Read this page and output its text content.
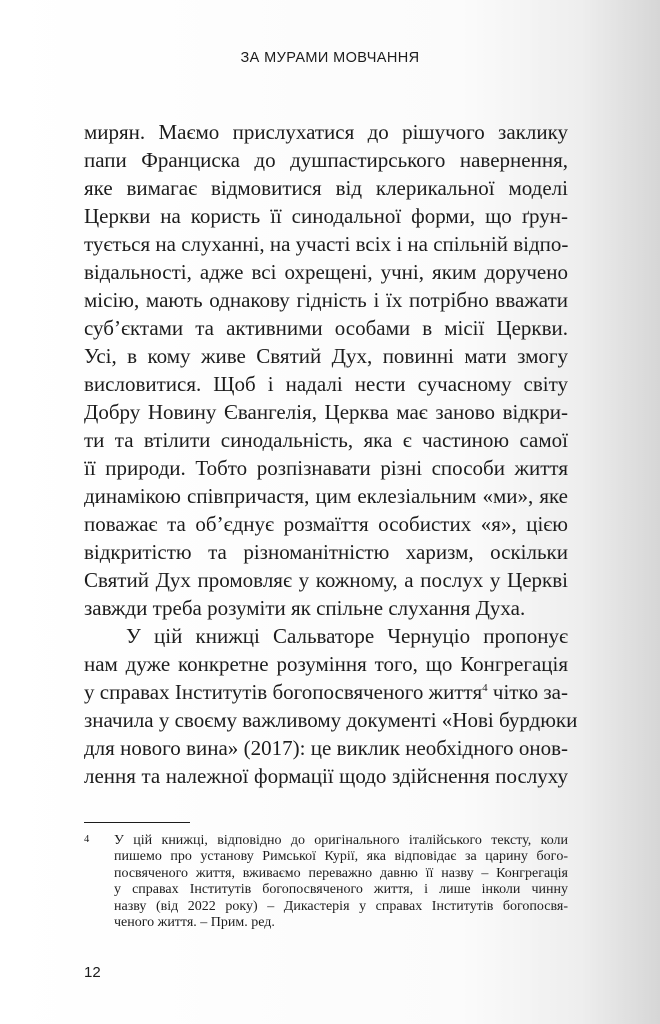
ЗА МУРАМИ МОВЧАННЯ
мирян. Маємо прислухатися до рішучого заклику
папи Франциска до душпастирського навернення,
яке вимагає відмовитися від клерикальної моделі
Церкви на користь її синодальної форми, що ґрун-
тується на слуханні, на участі всіх і на спільній відпо-
відальності, адже всі охрещені, учні, яким доручено
місію, мають однакову гідність і їх потрібно вважати
суб’єктами та активними особами в місії Церкви.
Усі, в кому живе Святий Дух, повинні мати змогу
висловитися. Щоб і надалі нести сучасному світу
Добру Новину Євангелія, Церква має заново відкри-
ти та втілити синодальність, яка є частиною самої
її природи. Тобто розпізнавати різні способи життя
динамікою співпричастя, цим еклезіальним «ми», яке
поважає та об’єднує розмаїття особистих «я», цією
відкритістю та різноманітністю харизм, оскільки
Святий Дух промовляє у кожному, а послух у Церкві
завжди треба розуміти як спільне слухання Духа.
У цій книжці Сальваторе Чернуціо пропонує
нам дуже конкретне розуміння того, що Конгрегація
у справах Інститутів богопосвяченого життя$^4$ чітко за-
значила у своєму важливому документі «Нові бурдюки
для нового вина» (2017): це виклик необхідного онов-
лення та належної формації щодо здійснення послуху
4 У цій книжці, відповідно до оригінального італійського тексту, коли
пишемо про установу Римської Курії, яка відповідає за царину богo-
посвяченого життя, вживаємо переважно давню її назву – Конгрегація
у справах Інститутів богопосвяченого життя, і лише інколи чинну
назву (від 2022 року) – Дикастерія у справах Інститутів богопосвя-
ченого життя. – Прим. ред.
12
